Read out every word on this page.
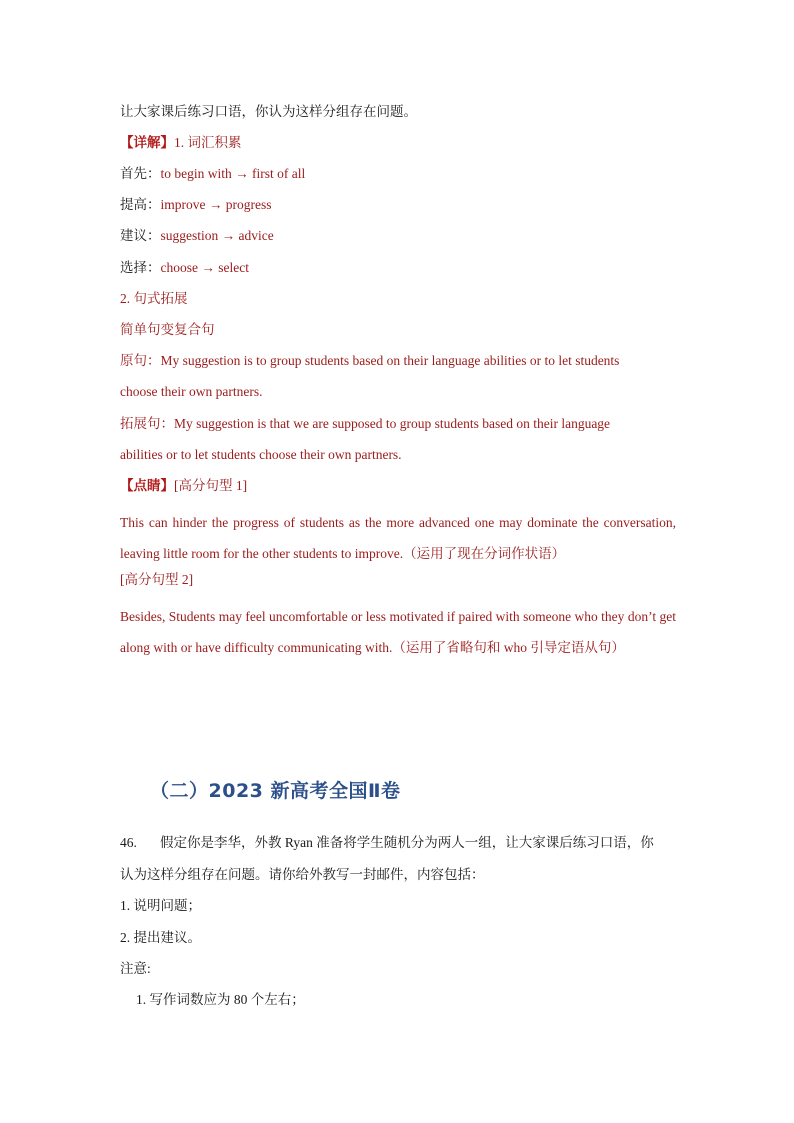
让大家课后练习口语，你认为这样分组存在问题。
【详解】1. 词汇积累
首先：to begin with → first of all
提高：improve → progress
建议：suggestion → advice
选择：choose → select
2. 句式拓展
简单句变复合句
原句：My suggestion is to group students based on their language abilities or to let students
choose their own partners.
拓展句：My suggestion is that we are supposed to group students based on their language
abilities or to let students choose their own partners.
【点睛】[高分句型 1]
This can hinder the progress of students as the more advanced one may dominate the conversation, leaving little room for the other students to improve.（运用了现在分词作状语）
[高分句型 2]
Besides, Students may feel uncomfortable or less motivated if paired with someone who they don’t get along with or have difficulty communicating with.（运用了省略句和 who 引导定语从句）
（二）2023 新高考全国Ⅱ卷
46. 假定你是李华，外教 Ryan 准备将学生随机分为两人一组，让大家课后练习口语，你
认为这样分组存在问题。请你给外教写一封邮件，内容包括：
1. 说明问题；
2. 提出建议。
注意:
1. 写作词数应为 80 个左右；
